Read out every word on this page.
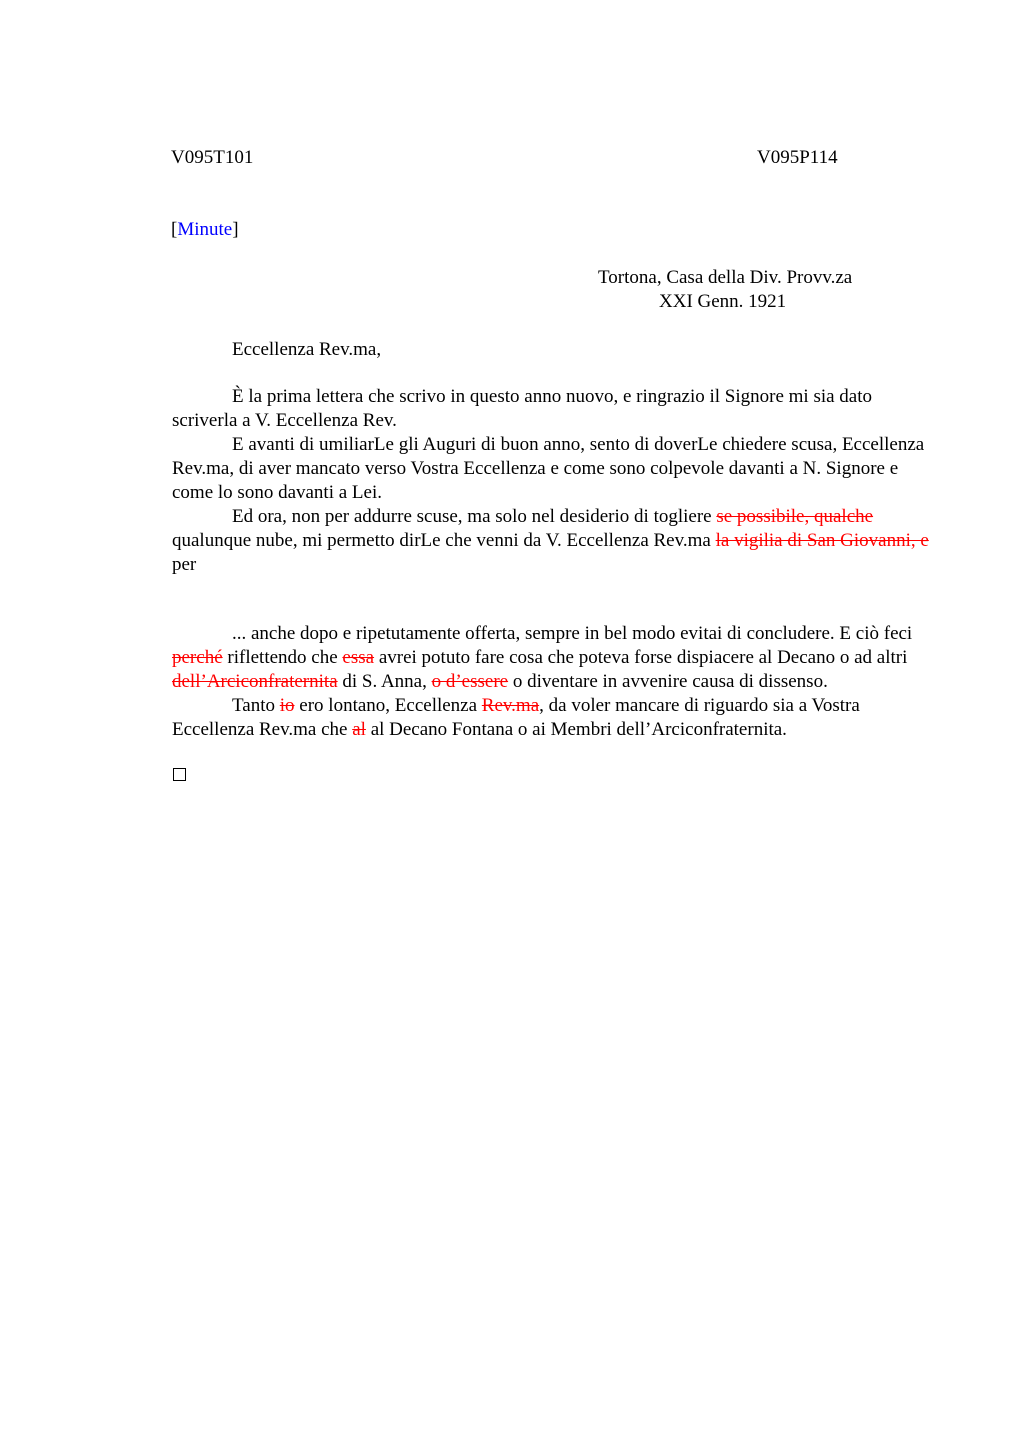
V095T101	V095P114
[Minute]
Tortona, Casa della Div. Provv.za
XXI Genn. 1921
Eccellenza Rev.ma,

È la prima lettera che scrivo in questo anno nuovo, e ringrazio il Signore mi sia dato scriverla a V. Eccellenza Rev.

E avanti di umiliarLe gli Auguri di buon anno, sento di doverLe chiedere scusa, Eccellenza Rev.ma, di aver mancato verso Vostra Eccellenza e come sono colpevole davanti a N. Signore e come lo sono davanti a Lei.

Ed ora, non per addurre scuse, ma solo nel desiderio di togliere se possibile, qualche qualunque nube, mi permetto dirLe che venni da V. Eccellenza Rev.ma la vigilia di San Giovanni, e per

... anche dopo e ripetutamente offerta, sempre in bel modo evitai di concludere. E ciò feci perché riflettendo che essa avrei potuto fare cosa che poteva forse dispiacere al Decano o ad altri dell’Arciconfraternita di S. Anna, o d’essere o diventare in avvenire causa di dissenso.

Tanto io ero lontano, Eccellenza Rev.ma, da voler mancare di riguardo sia a Vostra Eccellenza Rev.ma che al al Decano Fontana o ai Membri dell’Arciconfraternita.
